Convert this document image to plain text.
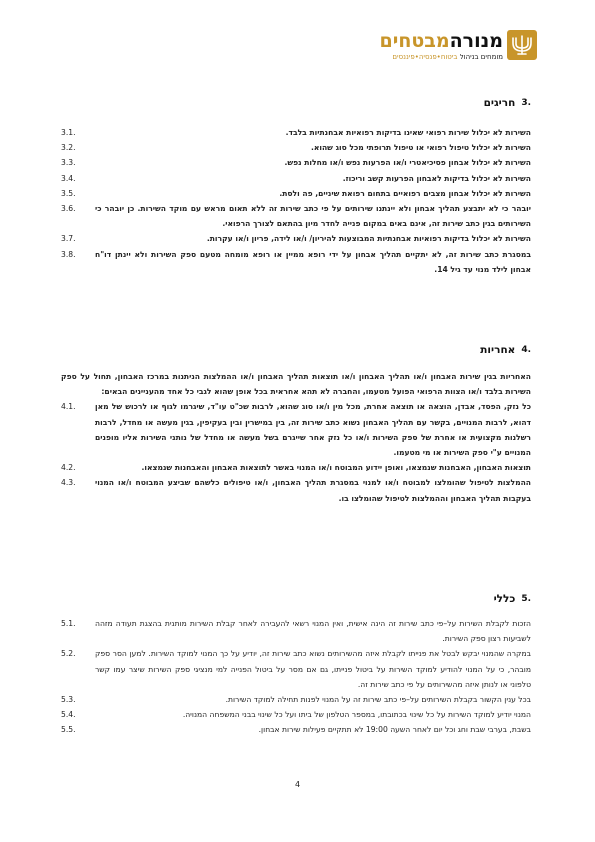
מנורהמבטחים
מומחים בניהול ביטוח•פנסיה•פיננסים
.3
חריגים
השירות לא יכלול שירות רפואי שאינו בדיקות רפואיות אבחנתיות בלבד.
3.1.
השירות לא יכלול טיפול רפואי או טיפול תרופתי מכל סוג שהוא.
3.2.
השירות לא יכלול אבחון פסיכיאטרי ו/או הפרעות נפש ו/או מחלות נפש.
3.3.
השירות לא יכלול בדיקות לאבחון הפרעות קשב וריכוז.
3.4.
השירות לא יכלול אבחון מצבים רפואיים בתחום רפואת שיניים, פה ולסת.
3.5.
יובהר כי לא יתבצע תהליך אבחון ולא יינתנו שירותים על פי כתב שירות זה ללא תאום מראש עם מוקד השירות. כן יובהר כי השירותים בגין כתב שירות זה, אינם באים במקום פנייה לחדר מיון בהתאם לצורך הרפואי.
3.6.
השירות לא יכלול בדיקות רפואיות אבחנתיות המבוצעות להיריון/ ו/או לידה, פריון ו/או עקרות.
3.7.
במסגרת כתב שירות זה, לא יתקיים תהליך אבחון על ידי רופא ממיין או רופא מומחה מטעם ספק השירות ולא יינתן דו"ח אבחון לילד מנוי עד גיל 14.
3.8.
.4
אחריות
האחריות בגין שירות האבחון ו/או תהליך האבחון ו/או תוצאות תהליך האבחון ו/או ההמלצות הניתנות במרכז האבחון, תחול על ספק השירות בלבד ו/או הצוות הרפואי הפועל מטעמו, והחברה לא תהא אחראית בכל אופן שהוא לגבי כל אחד מהעניינים הבאים:
כל נזק, הפסד, אבדן, הוצאה או תוצאה אחרת, מכל מין ו/או סוג שהוא, לרבות שכ"ט עו"ד, שיגרמו לגוף או לרכוש של מאן דהוא, לרבות המנויים, בקשר עם תהליך האבחון נשוא כתב שירות זה, בין במישרין ובין בעקיפין, בגין מעשה או מחדל, לרבות רשלנות מקצועית או אחרת של ספק השירות ו/או כל נזק אחר שייגרם בשל מעשה או מחדל של נותני השירות אליו מופנים המנויים ע"י ספק השירות או מי מטעמו.
4.1.
תוצאות האבחון, האבחנות שנמצאו, ואופן יידוע המבוטח ו/או המנוי באשר לתוצאות האבחון והאבחנות שנמצאו.
4.2.
ההמלצות לטיפול שהומלצו למבוטח ו/או למנוי במסגרת תהליך האבחון, ו/או טיפולים כלשהם שביצע המבוטח ו/או המנוי בעקבות תהליך האבחון וההמלצות לטיפול שהומלצו בו.
4.3.
.5
כללי
הזכות לקבלת השירות על–פי כתב שירות זה הינה אישית, ואין המנוי רשאי להעבירה לאחר קבלת השירות מותנית בהצגת תעודה מזהה לשביעות רצון ספק השירות.
5.1.
במקרה שהמנוי יבקש לבטל את פנייתו לקבלת איזה מהשירותים נשוא כתב שירות זה, יודיע על כך המנוי למוקד השירות. למען הסר ספק מובהר, כי על המנוי להודיע למוקד השירות על ביטול פנייתו, גם אם מסר על ביטול הפנייה למי מנציגי ספק השירות שיצר עמו קשר טלפוני או לנותן איזה מהשירותים על פי כתב שירות זה.
5.2.
בכל ענין הקשור בקבלת השירותים על–פי כתב שירות זה על המנוי לפנות תחילה למוקד השירות.
5.3.
המנוי יודיע למוקד השירות על כל שינוי בכתובתו, במספר הטלפון של ביתו ועל כל שינוי בבני המשפחה המנויה.
5.4.
בשבת, בערבי שבת וחג וכל יום לאחר השעה 19:00 לא תתקיים פעילות שירות אבחון.
5.5.
4
